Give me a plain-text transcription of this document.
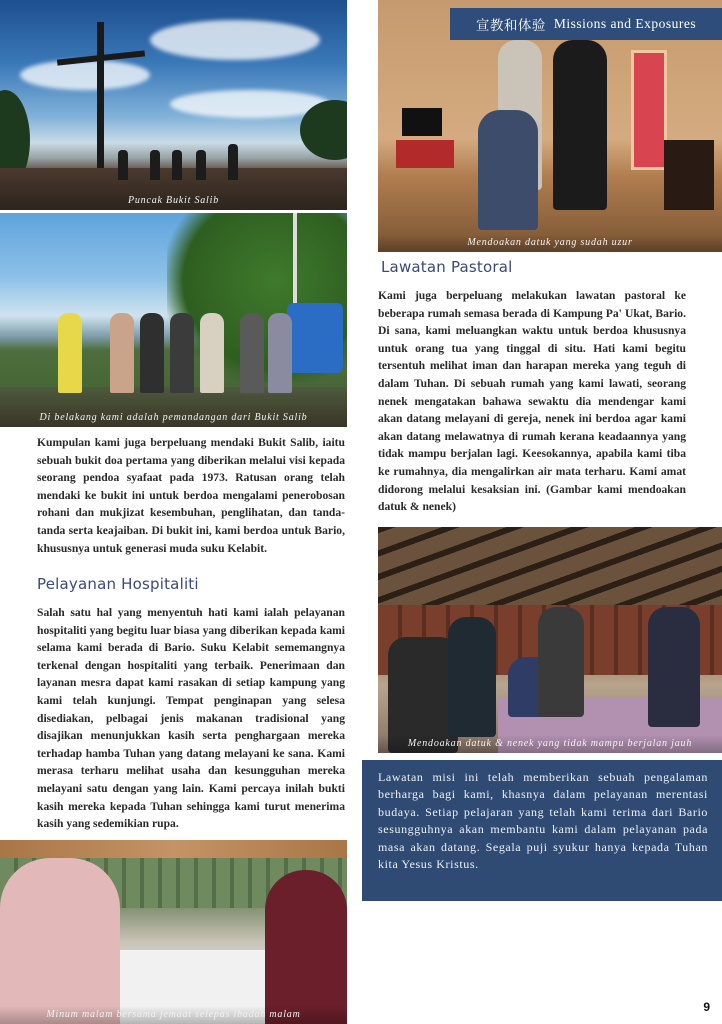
Puncak Bukit Salib
Di belakang kami adalah pemandangan dari Bukit Salib
Mendoakan datuk yang sudah uzur
宣教和体验 Missions and Exposures
Kumpulan kami juga berpeluang mendaki Bukit Salib, iaitu sebuah bukit doa pertama yang diberikan melalui visi kepada seorang pendoa syafaat pada 1973. Ratusan orang telah mendaki ke bukit ini untuk berdoa mengalami penerobosan rohani dan mukjizat kesembuhan, penglihatan, dan tanda-tanda serta keajaiban. Di bukit ini, kami berdoa untuk Bario, khususnya untuk generasi muda suku Kelabit.
Pelayanan Hospitaliti
Salah satu hal yang menyentuh hati kami ialah pelayanan hospitaliti yang begitu luar biasa yang diberikan kepada kami selama kami berada di Bario. Suku Kelabit sememangnya terkenal dengan hospitaliti yang terbaik. Penerimaan dan layanan mesra dapat kami rasakan di setiap kampung yang kami telah kunjungi. Tempat penginapan yang selesa disediakan, pelbagai jenis makanan tradisional yang disajikan menunjukkan kasih serta penghargaan mereka terhadap hamba Tuhan yang datang melayani ke sana. Kami merasa terharu melihat usaha dan kesungguhan mereka melayani satu dengan yang lain. Kami percaya inilah bukti kasih mereka kepada Tuhan sehingga kami turut menerima kasih yang sedemikian rupa.
Lawatan Pastoral
Kami juga berpeluang melakukan lawatan pastoral ke beberapa rumah semasa berada di Kampung Pa' Ukat, Bario. Di sana, kami meluangkan waktu untuk berdoa khususnya untuk orang tua yang tinggal di situ. Hati kami begitu tersentuh melihat iman dan harapan mereka yang teguh di dalam Tuhan. Di sebuah rumah yang kami lawati, seorang nenek mengatakan bahawa sewaktu dia mendengar kami akan datang melayani di gereja, nenek ini berdoa agar kami akan datang melawatnya di rumah kerana keadaannya yang tidak mampu berjalan lagi. Keesokannya, apabila kami tiba ke rumahnya, dia mengalirkan air mata terharu. Kami amat didorong melalui kesaksian ini. (Gambar kami mendoakan datuk & nenek)
Mendoakan datuk & nenek yang tidak mampu berjalan jauh
Lawatan misi ini telah memberikan sebuah pengalaman berharga bagi kami, khasnya dalam pelayanan merentasi budaya. Setiap pelajaran yang telah kami terima dari Bario sesungguhnya akan membantu kami dalam pelayanan pada masa akan datang. Segala puji syukur hanya kepada Tuhan kita Yesus Kristus.
Minum malam bersama jemaat selepas ibadah malam
9
